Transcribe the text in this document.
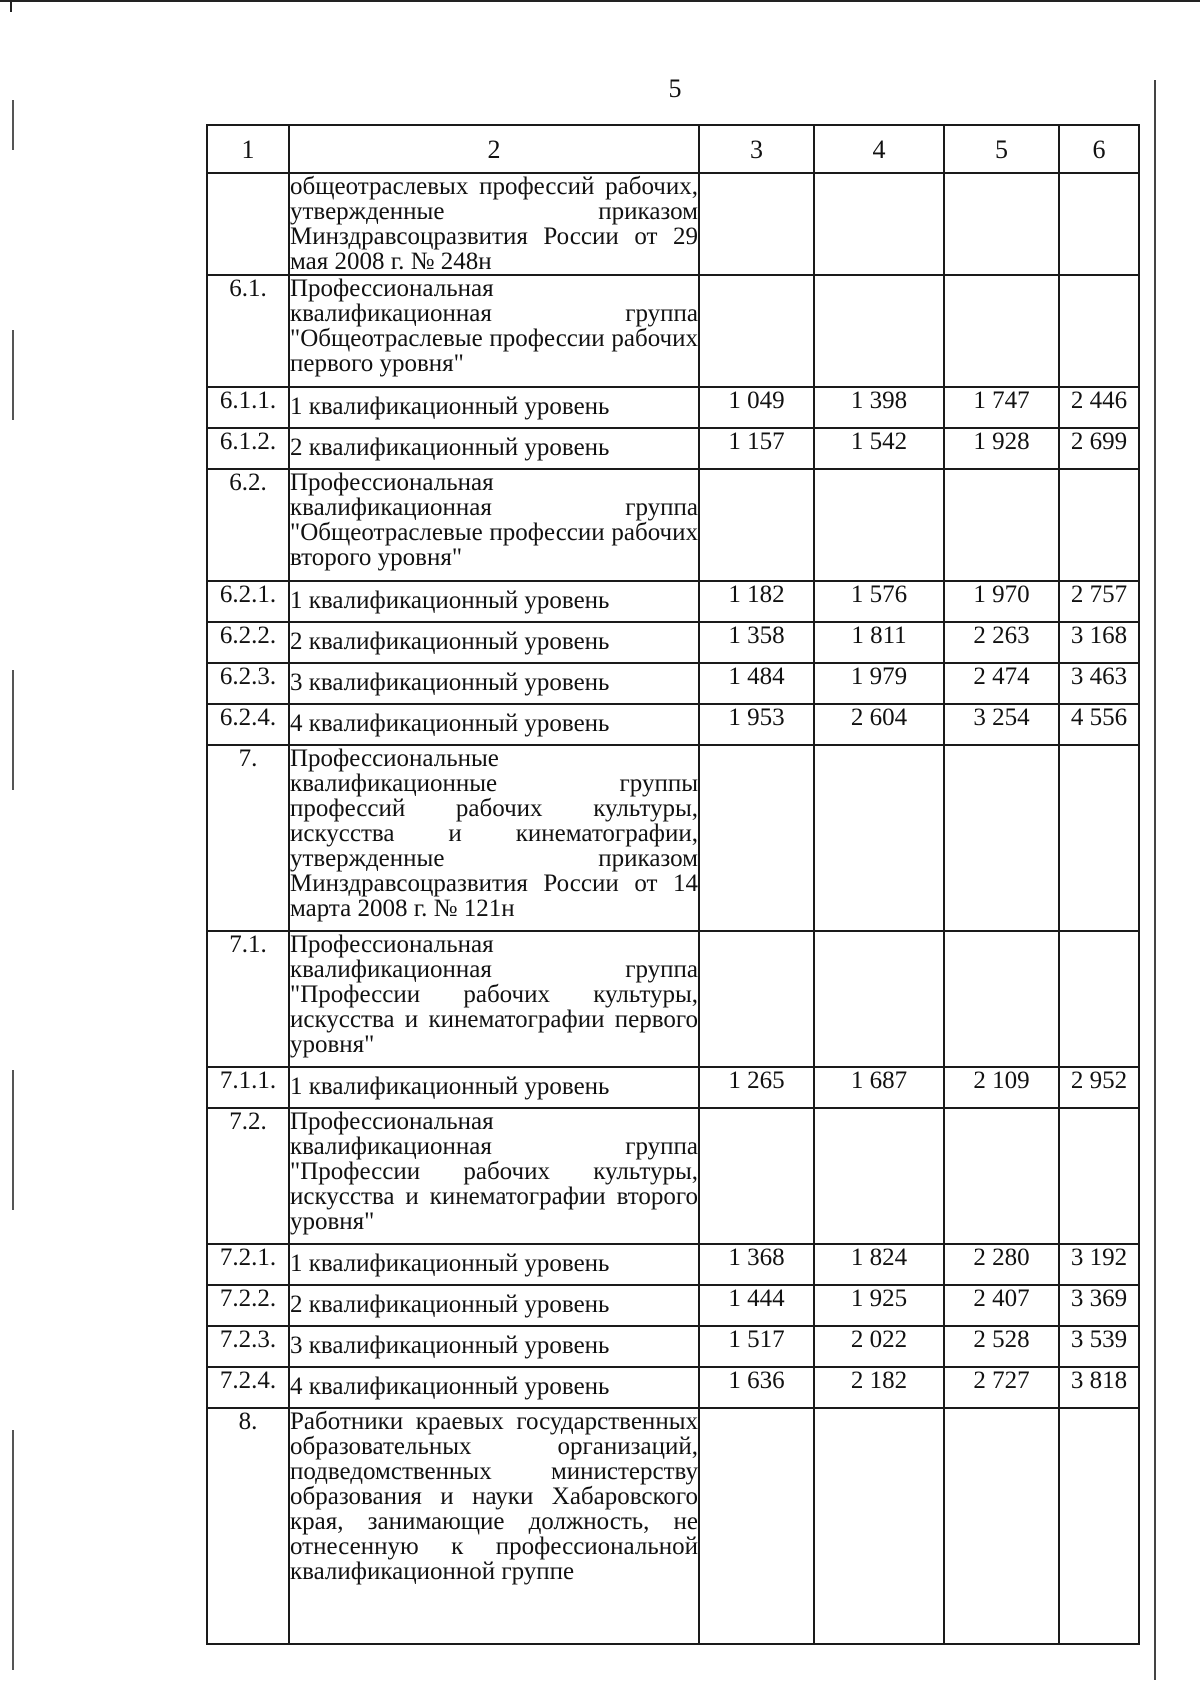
5
1	2	3	4	5	6
	общеотраслевых профессий рабочих, утвержденные приказом Минздравсоцразвития России от 29 мая 2008 г. № 248н				
6.1.	Профессиональная квалификационная группа "Общеотраслевые профессии рабочих первого уровня"				
6.1.1.	1 квалификационный уровень	1 049	1 398	1 747	2 446
6.1.2.	2 квалификационный уровень	1 157	1 542	1 928	2 699
6.2.	Профессиональная квалификационная группа "Общеотраслевые профессии рабочих второго уровня"				
6.2.1.	1 квалификационный уровень	1 182	1 576	1 970	2 757
6.2.2.	2 квалификационный уровень	1 358	1 811	2 263	3 168
6.2.3.	3 квалификационный уровень	1 484	1 979	2 474	3 463
6.2.4.	4 квалификационный уровень	1 953	2 604	3 254	4 556
7.	Профессиональные квалификационные группы профессий рабочих культуры, искусства и кинематографии, утвержденные приказом Минздравсоцразвития России от 14 марта 2008 г. № 121н				
7.1.	Профессиональная квалификационная группа "Профессии рабочих культуры, искусства и кинематографии первого уровня"				
7.1.1.	1 квалификационный уровень	1 265	1 687	2 109	2 952
7.2.	Профессиональная квалификационная группа "Профессии рабочих культуры, искусства и кинематографии второго уровня"				
7.2.1.	1 квалификационный уровень	1 368	1 824	2 280	3 192
7.2.2.	2 квалификационный уровень	1 444	1 925	2 407	3 369
7.2.3.	3 квалификационный уровень	1 517	2 022	2 528	3 539
7.2.4.	4 квалификационный уровень	1 636	2 182	2 727	3 818
8.	Работники краевых государственных образовательных организаций, подведомственных министерству образования и науки Хабаровского края, занимающие должность, не отнесенную к профессиональной квалификационной группе				
